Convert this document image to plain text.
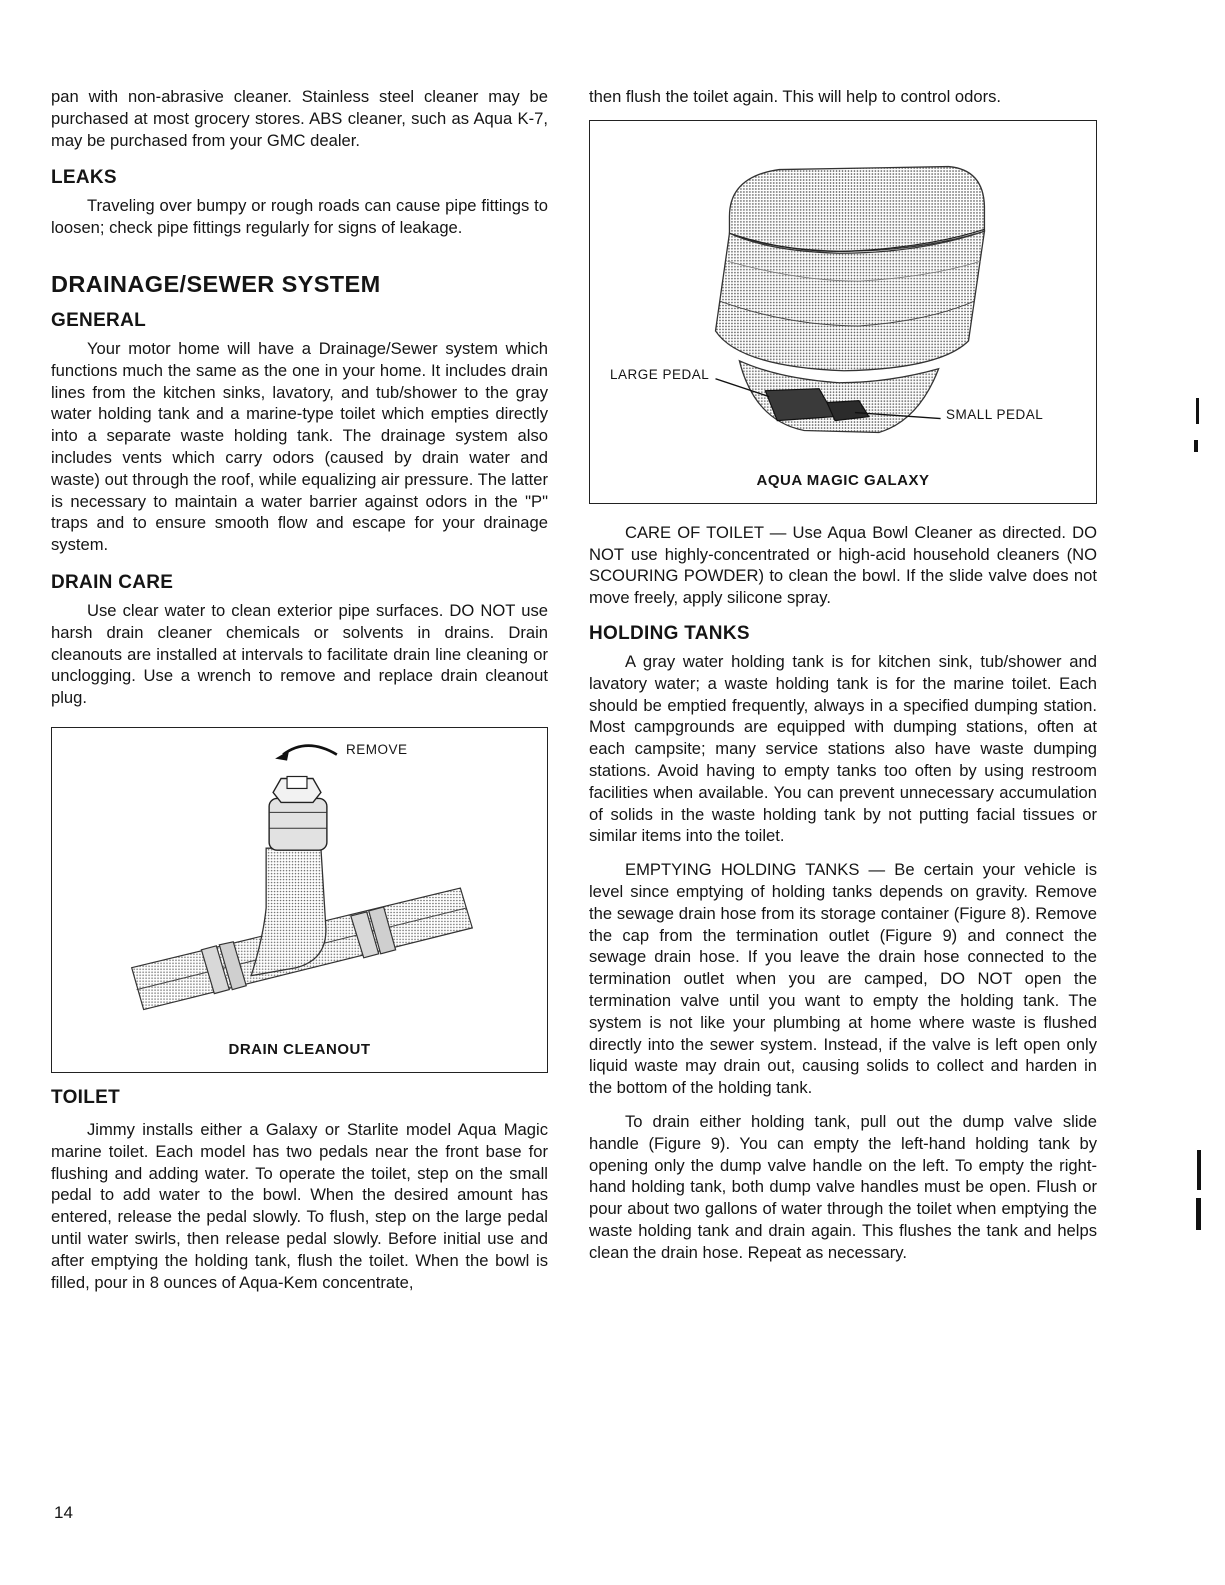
pan with non-abrasive cleaner. Stainless steel cleaner may be purchased at most grocery stores. ABS cleaner, such as Aqua K-7, may be purchased from your GMC dealer.

LEAKS

Traveling over bumpy or rough roads can cause pipe fittings to loosen; check pipe fittings regularly for signs of leakage.

DRAINAGE/SEWER SYSTEM
GENERAL

Your motor home will have a Drainage/Sewer system which functions much the same as the one in your home. It includes drain lines from the kitchen sinks, lavatory, and tub/shower to the gray water holding tank and a marine-type toilet which empties directly into a separate waste holding tank. The drainage system also includes vents which carry odors (caused by drain water and waste) out through the roof, while equalizing air pressure. The latter is necessary to maintain a water barrier against odors in the "P" traps and to ensure smooth flow and escape for your drainage system.

DRAIN CARE

Use clear water to clean exterior pipe surfaces. DO NOT use harsh drain cleaner chemicals or solvents in drains. Drain cleanouts are installed at intervals to facilitate drain line cleaning or unclogging. Use a wrench to remove and replace drain cleanout plug.

REMOVE
DRAIN CLEANOUT
TOILET

Jimmy installs either a Galaxy or Starlite model Aqua Magic marine toilet. Each model has two pedals near the front base for flushing and adding water. To operate the toilet, step on the small pedal to add water to the bowl. When the desired amount has entered, release the pedal slowly. To flush, step on the large pedal until water swirls, then release pedal slowly. Before initial use and after emptying the holding tank, flush the toilet. When the bowl is filled, pour in 8 ounces of Aqua-Kem concentrate,

then flush the toilet again. This will help to control odors.

LARGE PEDAL
SMALL PEDAL
AQUA MAGIC GALAXY

CARE OF TOILET — Use Aqua Bowl Cleaner as directed. DO NOT use highly-concentrated or high-acid household cleaners (NO SCOURING POWDER) to clean the bowl. If the slide valve does not move freely, apply silicone spray.

HOLDING TANKS

A gray water holding tank is for kitchen sink, tub/shower and lavatory water; a waste holding tank is for the marine toilet. Each should be emptied frequently, always in a specified dumping station. Most campgrounds are equipped with dumping stations, often at each campsite; many service stations also have waste dumping stations. Avoid having to empty tanks too often by using restroom facilities when available. You can prevent unnecessary accumulation of solids in the waste holding tank by not putting facial tissues or similar items into the toilet.

EMPTYING HOLDING TANKS — Be certain your vehicle is level since emptying of holding tanks depends on gravity. Remove the sewage drain hose from its storage container (Figure 8). Remove the cap from the termination outlet (Figure 9) and connect the sewage drain hose. If you leave the drain hose connected to the termination outlet when you are camped, DO NOT open the termination valve until you want to empty the holding tank. The system is not like your plumbing at home where waste is flushed directly into the sewer system. Instead, if the valve is left open only liquid waste may drain out, causing solids to collect and harden in the bottom of the holding tank.

To drain either holding tank, pull out the dump valve slide handle (Figure 9). You can empty the left-hand holding tank by opening only the dump valve handle on the left. To empty the right-hand holding tank, both dump valve handles must be open. Flush or pour about two gallons of water through the toilet when emptying the waste holding tank and drain again. This flushes the tank and helps clean the drain hose. Repeat as necessary.

14
